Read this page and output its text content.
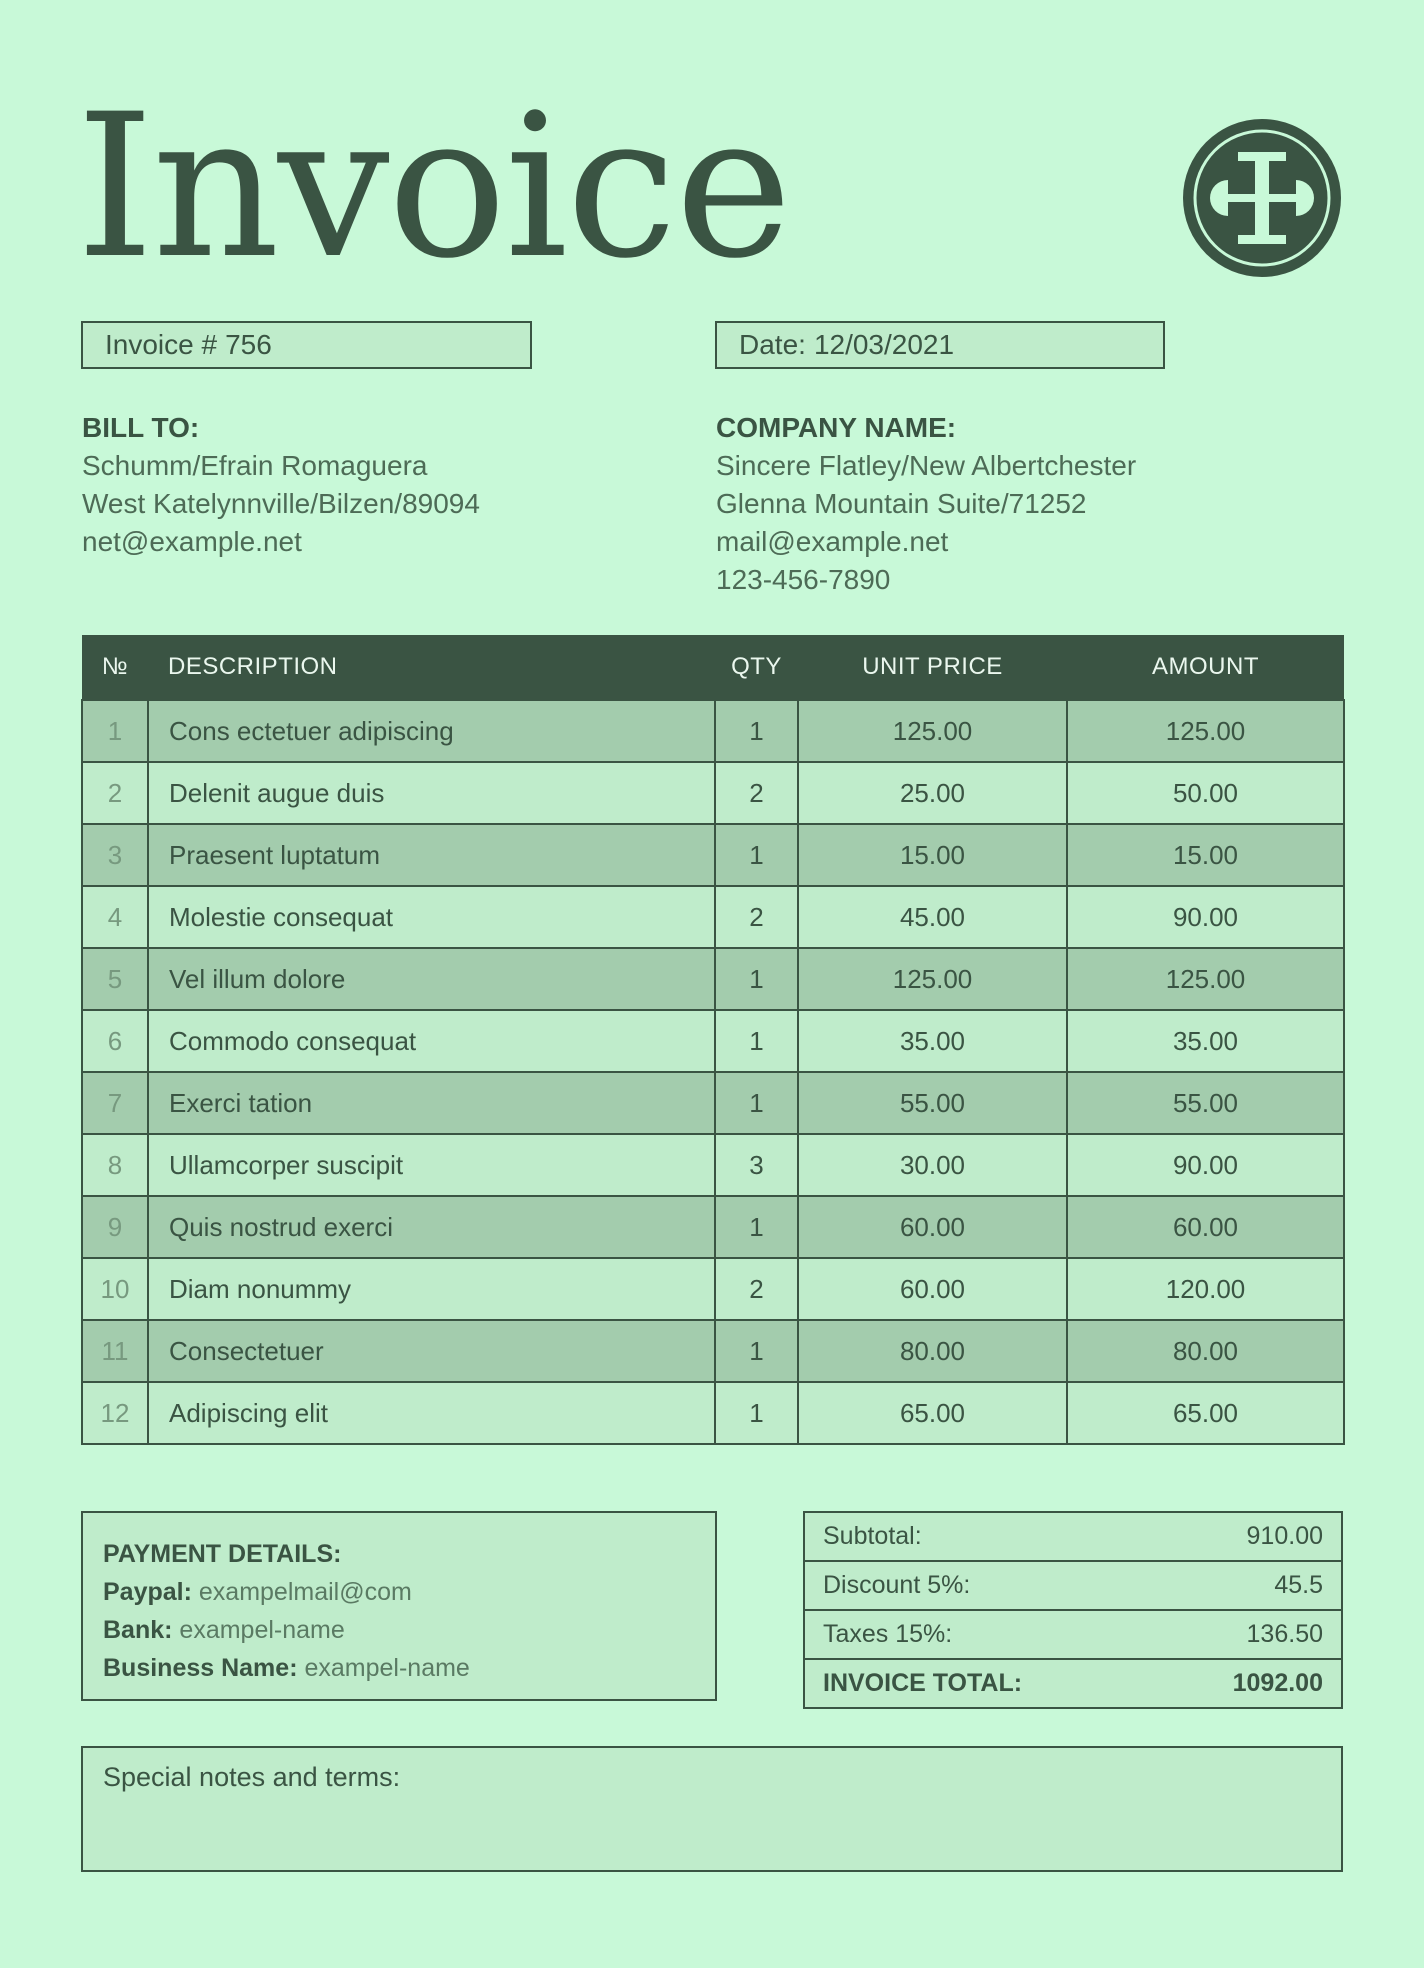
Invoice
Invoice # 756	Date: 12/03/2021
BILL TO:
Schumm/Efrain Romaguera
West Katelynnville/Bilzen/89094
net@example.net
COMPANY NAME:
Sincere Flatley/New Albertchester
Glenna Mountain Suite/71252
mail@example.net
123-456-7890
№	DESCRIPTION	QTY	UNIT PRICE	AMOUNT
1	Cons ectetuer adipiscing	1	125.00	125.00
2	Delenit augue duis	2	25.00	50.00
3	Praesent luptatum	1	15.00	15.00
4	Molestie consequat	2	45.00	90.00
5	Vel illum dolore	1	125.00	125.00
6	Commodo consequat	1	35.00	35.00
7	Exerci tation	1	55.00	55.00
8	Ullamcorper suscipit	3	30.00	90.00
9	Quis nostrud exerci	1	60.00	60.00
10	Diam nonummy	2	60.00	120.00
11	Consectetuer	1	80.00	80.00
12	Adipiscing elit	1	65.00	65.00
PAYMENT DETAILS:
Paypal: exampelmail@com
Bank: exampel-name
Business Name: exampel-name
Subtotal:	910.00
Discount 5%:	45.5
Taxes 15%:	136.50
INVOICE TOTAL:	1092.00
Special notes and terms:
